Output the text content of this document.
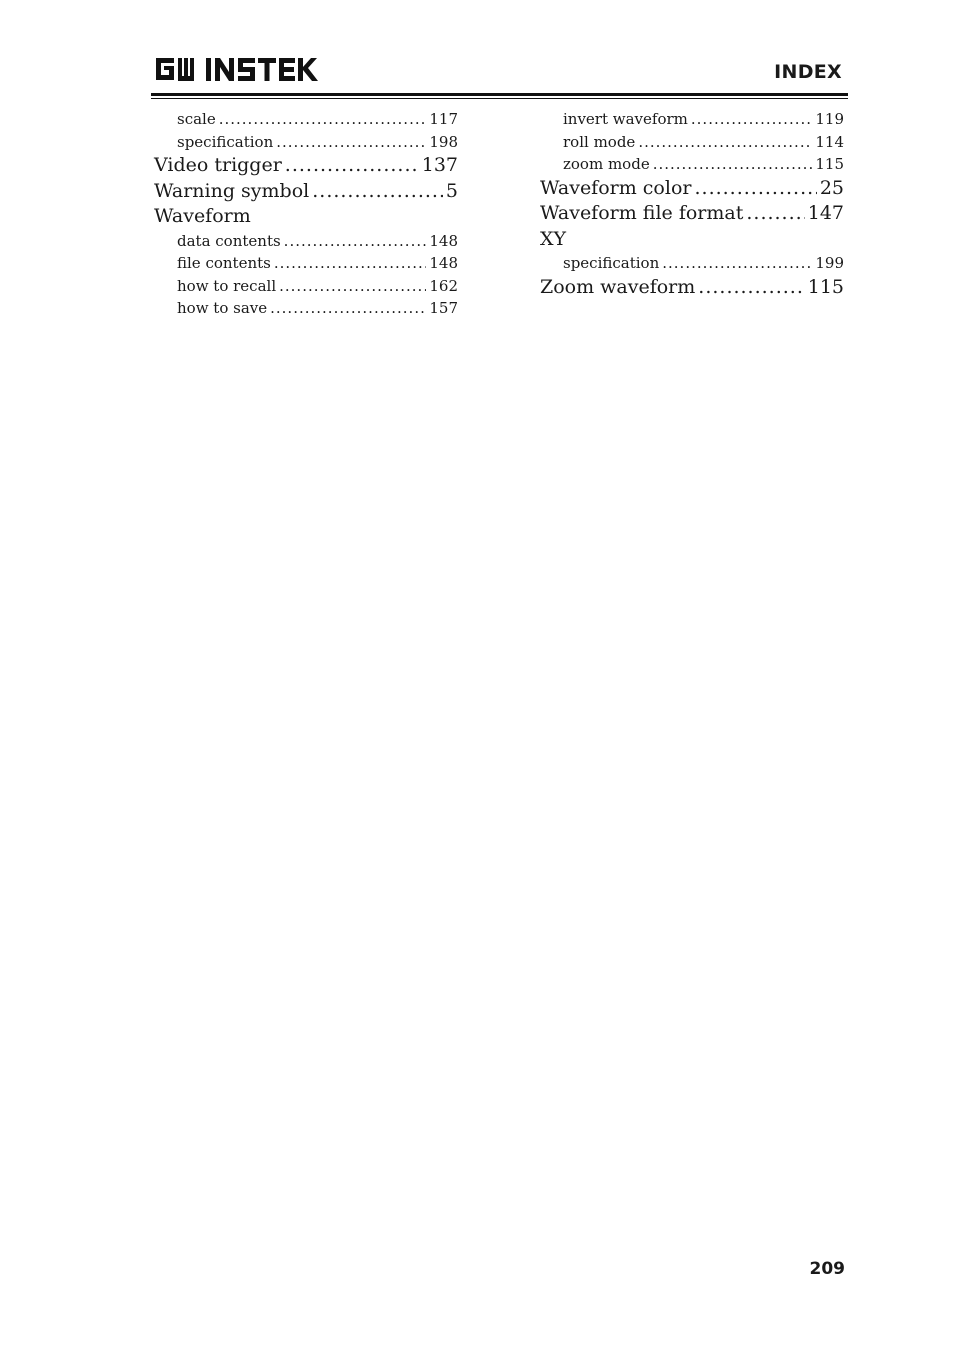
INDEX
scale .....	117
specification .....	198
Video trigger .....	137
Warning symbol .....	5
Waveform
data contents .....	148
file contents .....	148
how to recall .....	162
how to save .....	157
invert waveform .....	119
roll mode .....	114
zoom mode .....	115
Waveform color .....	25
Waveform file format .....	147
XY
specification .....	199
Zoom waveform .....	115
209
